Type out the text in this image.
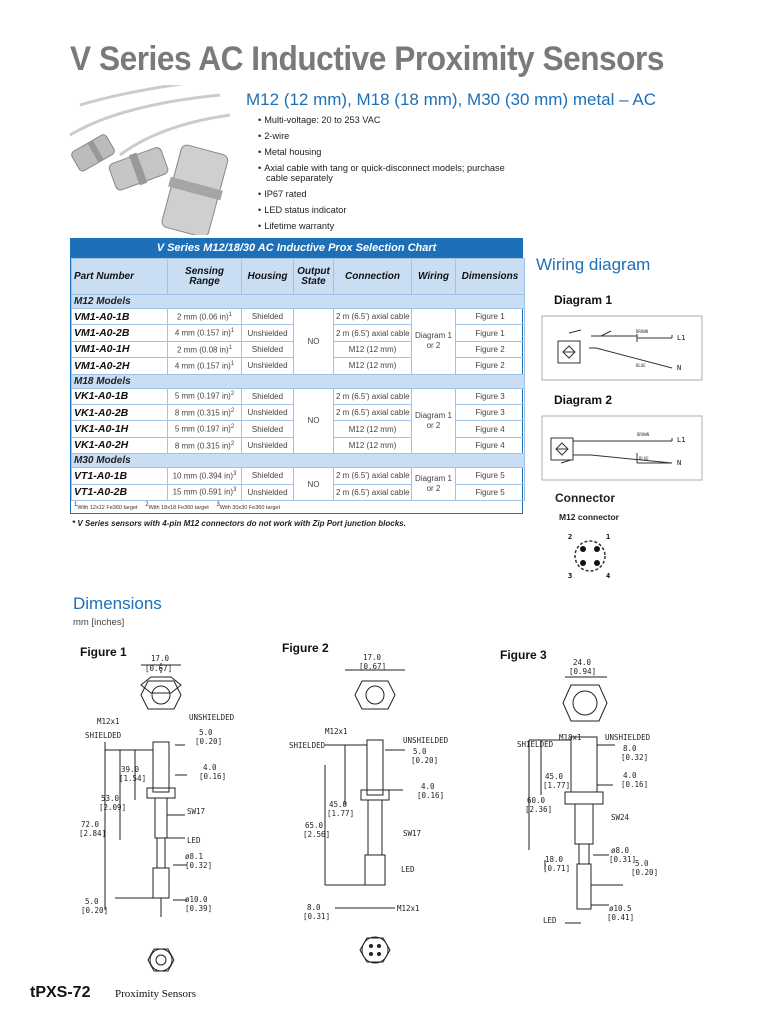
V Series AC Inductive Proximity Sensors
M12 (12 mm), M18 (18 mm), M30 (30 mm) metal – AC
• Multi-voltage: 20 to 253 VAC
• 2-wire
• Metal housing
• Axial cable with tang or quick-disconnect models; purchase cable separately
• IP67 rated
• LED status indicator
• Lifetime warranty
V Series M12/18/30 AC Inductive Prox Selection Chart
Part Number	Sensing Range	Housing	Output State	Connection	Wiring	Dimensions
M12 Models						
VM1-A0-1B	2 mm (0.06 in)$^1$	Shielded	NO	2 m (6.5') axial cable	Diagram 1 or 2	Figure 1
VM1-A0-2B	4 mm (0.157 in)$^1$	Unshielded		2 m (6.5') axial cable		Figure 1
VM1-A0-1H	2 mm (0.08 in)$^1$	Shielded		M12 (12 mm)		Figure 2
VM1-A0-2H	4 mm (0.157 in)$^1$	Unshielded		M12 (12 mm)		Figure 2
M18 Models						
VK1-A0-1B	5 mm (0.197 in)$^2$	Shielded	NO	2 m (6.5') axial cable	Diagram 1 or 2	Figure 3
VK1-A0-2B	8 mm (0.315 in)$^2$	Unshielded		2 m (6.5') axial cable		Figure 3
VK1-A0-1H	5 mm (0.197 in)$^2$	Shielded		M12 (12 mm)		Figure 4
VK1-A0-2H	8 mm (0.315 in)$^2$	Unshielded		M12 (12 mm)		Figure 4
M30 Models						
VT1-A0-1B	10 mm (0.394 in)$^3$	Shielded	NO	2 m (6.5') axial cable	Diagram 1 or 2	Figure 5
VT1-A0-2B	15 mm (0.591 in)$^3$	Unshielded		2 m (6.5') axial cable		Figure 5
$^1$With 12x12 Fe360 target $^2$With 18x18 Fe360 target $^3$With 30x30 Fe360 target
* V Series sensors with 4-pin M12 connectors do not work with Zip Port junction blocks.
Wiring diagram
Diagram 1
BROWN
BLUE
L1
N
Diagram 2
BROWN
BLUE
L1
N
Connector
M12 connector
2	1
3	4
Dimensions
mm [inches]
Figure 1	17.0
[0.67]
M12x1	UNSHIELDED
SHIELDED	5.0
[0.20]
4.0
[0.16]
39.0
[1.54]
53.0
[2.09]
72.0
[2.84]
SW17
LED
ø8.1
[0.32]
ø10.0
[0.39]
5.0
[0.20]
Figure 2
17.0
[0.67]
M12x1
UNSHIELDED
SHIELDED
5.0
[0.20]
4.0
[0.16]
45.0
[1.77]
65.0
[2.56]	SW17
LED
8.0
[0.31]
M12x1
Figure 3
24.0
[0.94]
M18x1	UNSHIELDED
SHIELDED	8.0
[0.32]
4.0
[0.16]
45.0
[1.77]
60.0
[2.36]
SW24
ø8.0
[0.31]
18.0
[0.71]
5.0
[0.20]
ø10.5
[0.41]
LED
tPXS-72 Proximity Sensors
